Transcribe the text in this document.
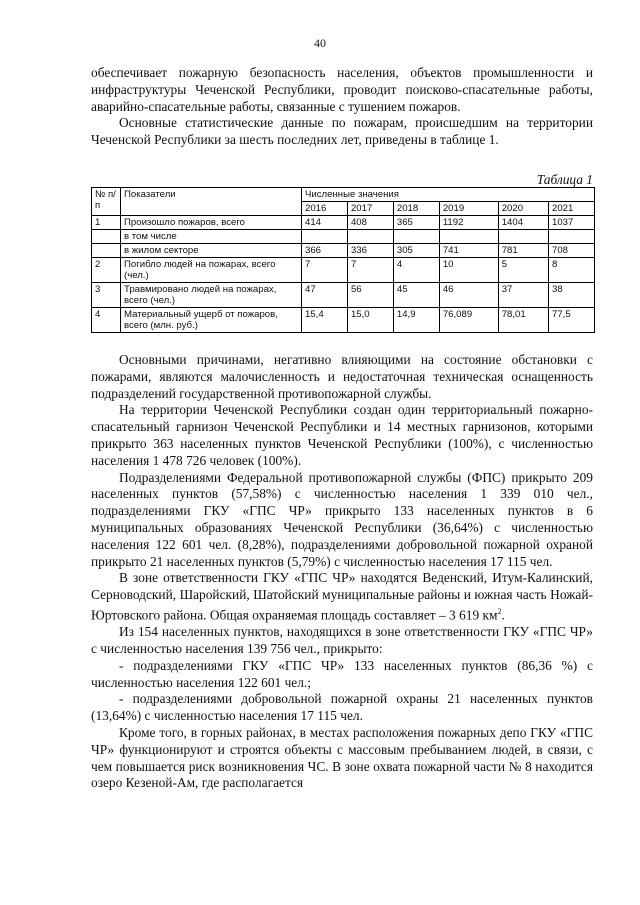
40

обеспечивает пожарную безопасность населения, объектов промышленности и инфраструктуры Чеченской Республики, проводит поисково-спасательные работы, аварийно-спасательные работы, связанные с тушением пожаров.

Основные статистические данные по пожарам, происшедшим на территории Чеченской Республики за шесть последних лет, приведены в таблице 1.

Таблица 1
№ п/п	Показатели	Численные значения					
		2016	2017	2018	2019	2020	2021
1	Произошло пожаров, всего	414	408	365	1192	1404	1037
	в том числе						
	в жилом секторе	366	336	305	741	781	708
2	Погибло людей на пожарах, всего (чел.)	7	7	4	10	5	8
3	Травмировано людей на пожарах, всего (чел.)	47	56	45	46	37	38
4	Материальный ущерб от пожаров, всего (млн. руб.)	15,4	15,0	14,9	76,089	78,01	77,5

Основными причинами, негативно влияющими на состояние обстановки с пожарами, являются малочисленность и недостаточная техническая оснащенность подразделений государственной противопожарной службы.

На территории Чеченской Республики создан один территориальный пожарно-спасательный гарнизон Чеченской Республики и 14 местных гарнизонов, которыми прикрыто 363 населенных пунктов Чеченской Республики (100%), с численностью населения 1 478 726 человек (100%).

Подразделениями Федеральной противопожарной службы (ФПС) прикрыто 209 населенных пунктов (57,58%) с численностью населения 1 339 010 чел., подразделениями ГКУ «ГПС ЧР» прикрыто 133 населенных пунктов в 6 муниципальных образованиях Чеченской Республики (36,64%) с численностью населения 122 601 чел. (8,28%), подразделениями добровольной пожарной охраной прикрыто 21 населенных пунктов (5,79%) с численностью населения 17 115 чел.

В зоне ответственности ГКУ «ГПС ЧР» находятся Веденский, Итум-Калинский, Серноводский, Шаройский, Шатойский муниципальные районы и южная часть Ножай-Юртовского района. Общая охраняемая площадь составляет – 3 619 $км^2$.

Из 154 населенных пунктов, находящихся в зоне ответственности ГКУ «ГПС ЧР» с численностью населения 139 756 чел., прикрыто:

- подразделениями ГКУ «ГПС ЧР» 133 населенных пунктов (86,36 %) с численностью населения 122 601 чел.;

- подразделениями добровольной пожарной охраны 21 населенных пунктов (13,64%) с численностью населения 17 115 чел.

Кроме того, в горных районах, в местах расположения пожарных депо ГКУ «ГПС ЧР» функционируют и строятся объекты с массовым пребыванием людей, в связи, с чем повышается риск возникновения ЧС. В зоне охвата пожарной части № 8 находится озеро Кезеной-Ам, где располагается
